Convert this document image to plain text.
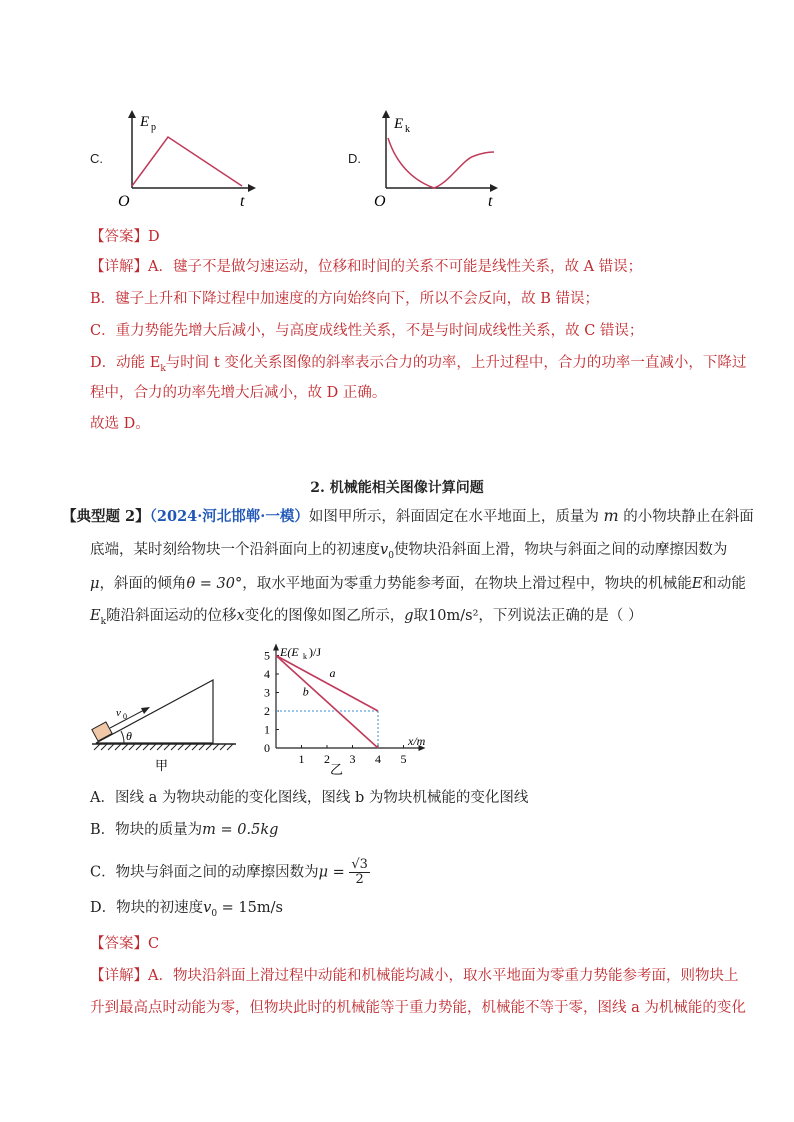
C.
E p
O	t
D.
E k
O	t
【答案】D
【详解】A．毽子不是做匀速运动，位移和时间的关系不可能是线性关系，故 A 错误；
B．毽子上升和下降过程中加速度的方向始终向下，所以不会反向，故 B 错误；
C．重力势能先增大后减小，与高度成线性关系，不是与时间成线性关系，故 C 错误；
D．动能 $E_k$与时间 t 变化关系图像的斜率表示合力的功率，上升过程中，合力的功率一直减小，下降过
程中，合力的功率先增大后减小，故 D 正确。
故选 D。
2. 机械能相关图像计算问题
【典型题 2】（2024·河北邯郸·一模）如图甲所示，斜面固定在水平地面上，质量为 m 的小物块静止在斜面
底端，某时刻给物块一个沿斜面向上的初速度$v_0$使物块沿斜面上滑，物块与斜面之间的动摩擦因数为
μ，斜面的倾角θ = 30°，取水平地面为零重力势能参考面，在物块上滑过程中，物块的机械能E和动能
$E_k$随沿斜面运动的位移x变化的图像如图乙所示，g取10m/s²，下列说法正确的是（ ）
v 0
θ
甲
5
4
3
2
1
0
1 2 3 4 5
a
b
E(E k )/J
x/m
乙
A．图线 a 为物块动能的变化图线，图线 b 为物块机械能的变化图线
B．物块的质量为m = 0.5kg
C．物块与斜面之间的动摩擦因数为$\mu = \frac{√3}{2}$
D．物块的初速度$v_0 = 15m/s$
【答案】C
【详解】A．物块沿斜面上滑过程中动能和机械能均减小，取水平地面为零重力势能参考面，则物块上
升到最高点时动能为零，但物块此时的机械能等于重力势能，机械能不等于零，图线 a 为机械能的变化
